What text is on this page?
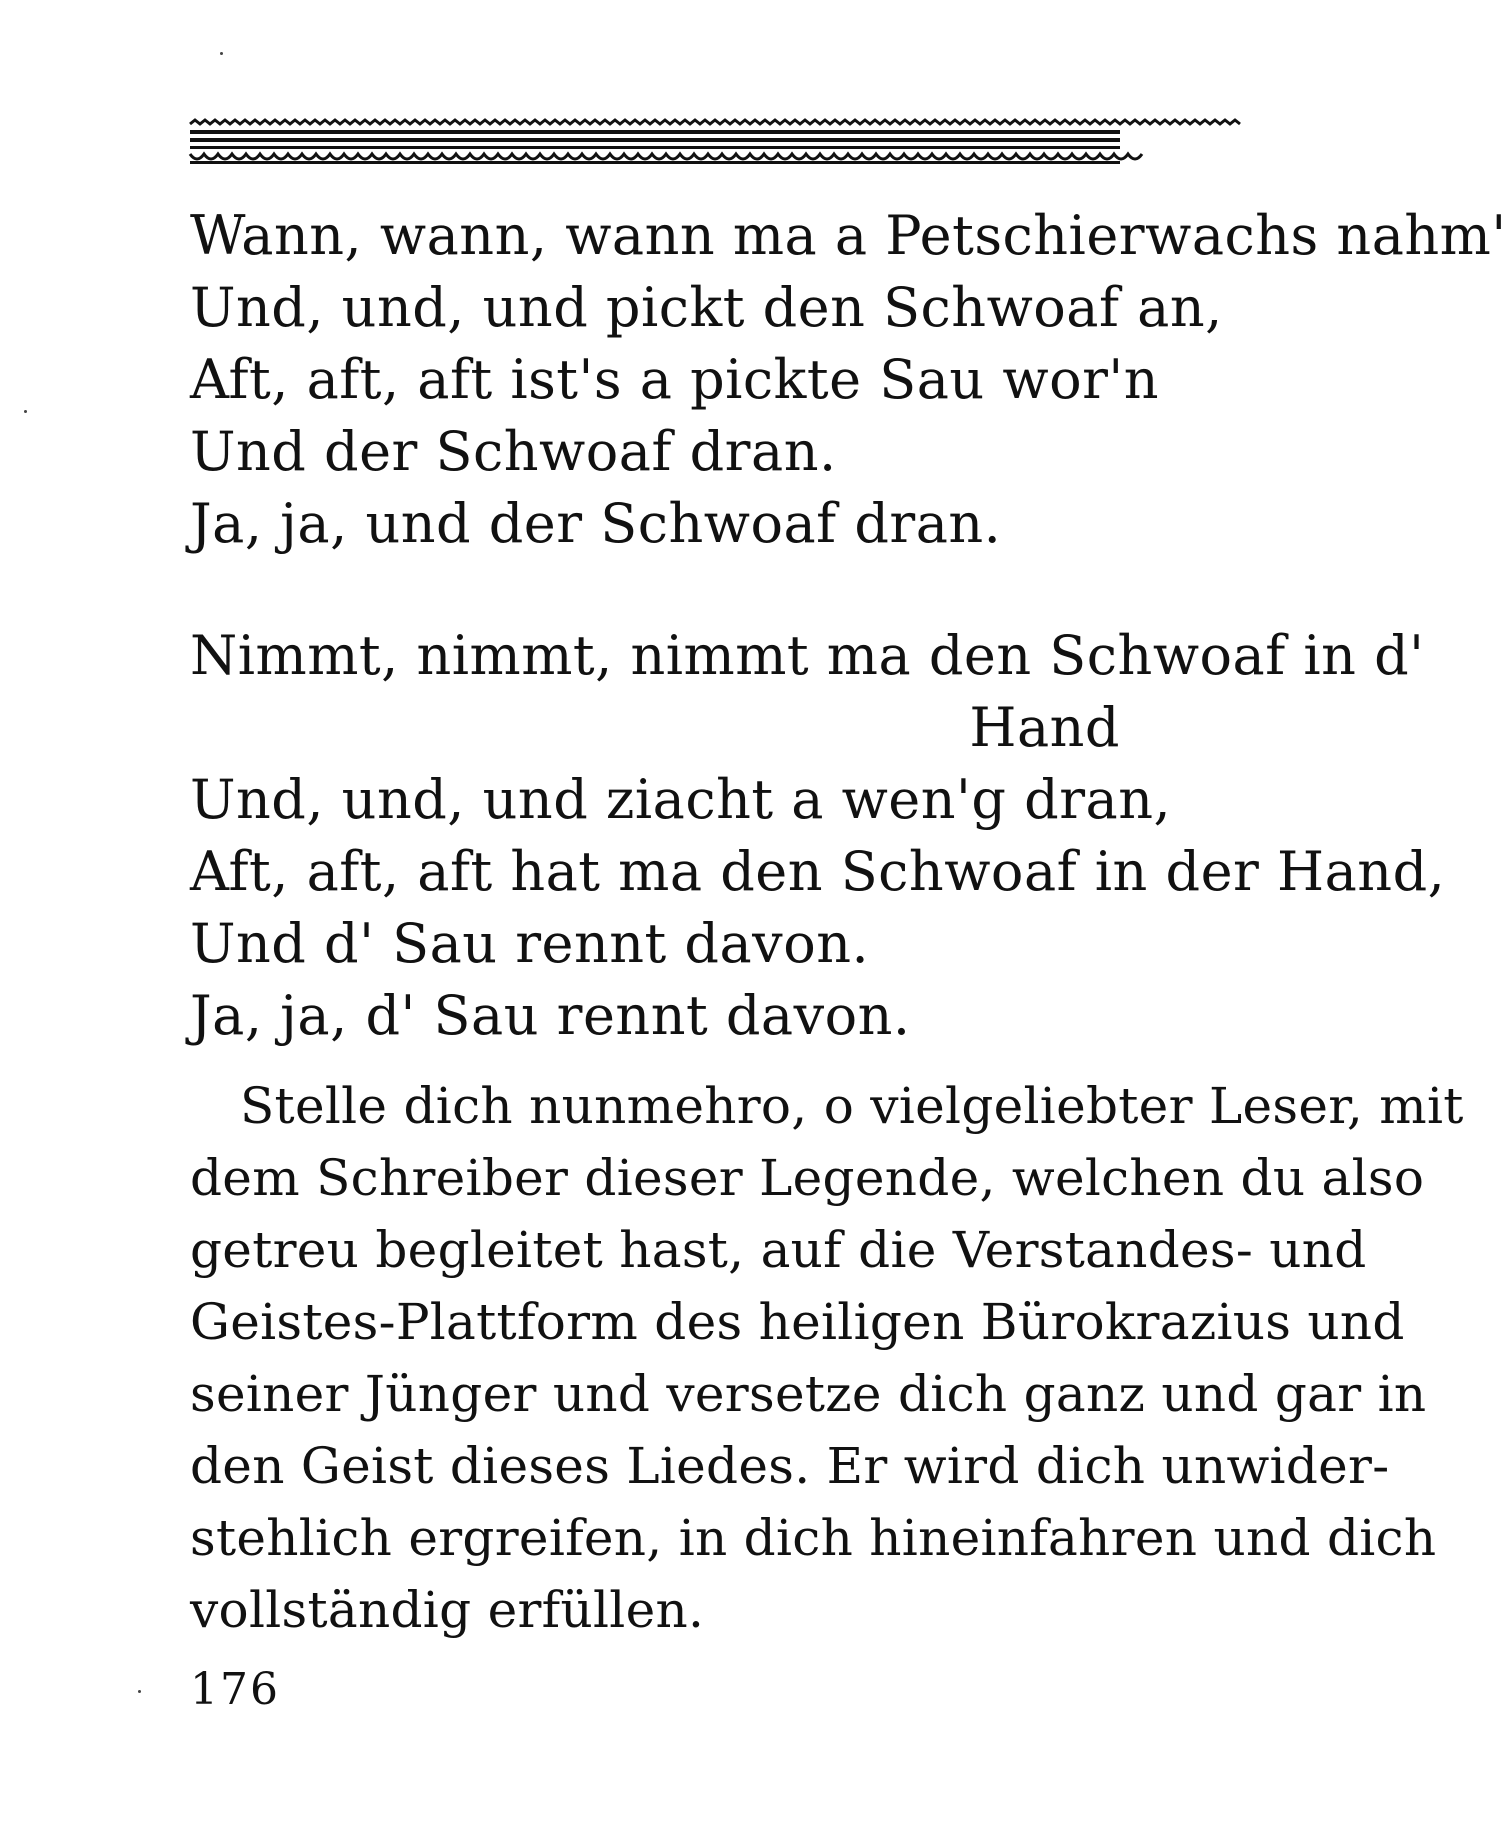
Wann, wann, wann ma a Petschierwachs nahm'
Und, und, und pickt den Schwoaf an,
Aft, aft, aft ist's a pickte Sau wor'n
Und der Schwoaf dran.
Ja, ja, und der Schwoaf dran.
Nimmt, nimmt, nimmt ma den Schwoaf in d'
Hand
Und, und, und ziacht a wen'g dran,
Aft, aft, aft hat ma den Schwoaf in der Hand,
Und d' Sau rennt davon.
Ja, ja, d' Sau rennt davon.
Stelle dich nunmehro, o vielgeliebter Leser, mit
dem Schreiber dieser Legende, welchen du also
getreu begleitet hast, auf die Verstandes- und
Geistes-Plattform des heiligen Bürokrazius und
seiner Jünger und versetze dich ganz und gar in
den Geist dieses Liedes. Er wird dich unwider-
stehlich ergreifen, in dich hineinfahren und dich
vollständig erfüllen.
176
